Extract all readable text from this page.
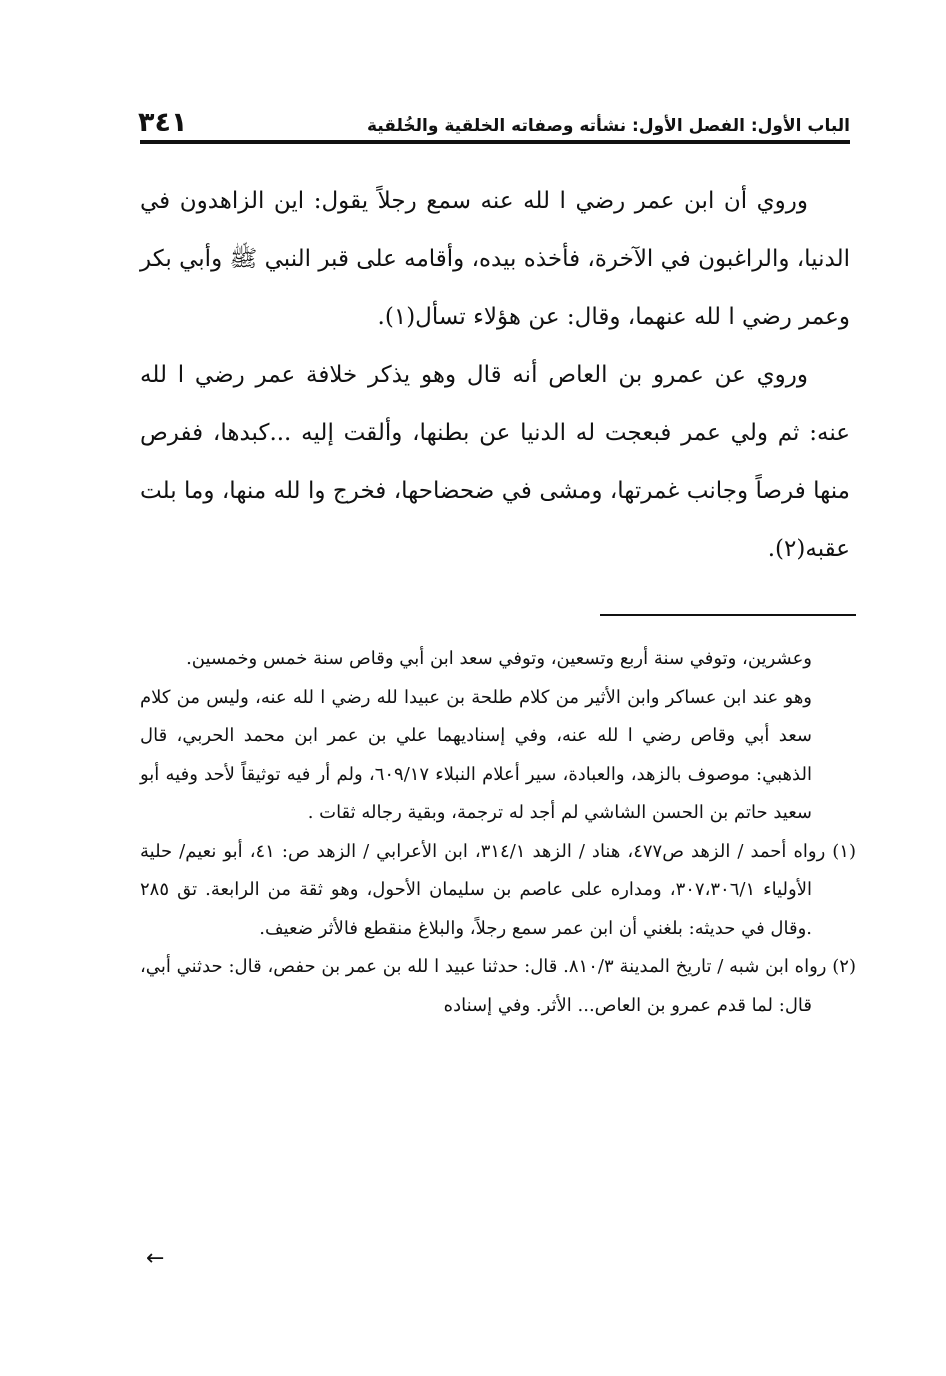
الباب الأول: الفصل الأول: نشأته وصفاته الخلقية والخُلقية
٣٤١

وروي أن ابن عمر رضي ا لله عنه سمع رجلاً يقول: اين الزاهدون في الدنيا، والراغبون في الآخرة، فأخذه بيده، وأقامه على قبر النبي ﷺ وأبي بكر وعمر رضي ا لله عنهما، وقال: عن هؤلاء تسأل(١).

وروي عن عمرو بن العاص أنه قال وهو يذكر خلافة عمر رضي ا لله عنه: ثم ولي عمر فبعجت له الدنيا عن بطنها، وألقت إليه ...كبدها، ففرص منها فرصاً وجانب غمرتها، ومشى في ضحضاحها، فخرج وا لله منها، وما بلت عقبه(٢).

وعشرين، وتوفي سنة أربع وتسعين، وتوفي سعد ابن أبي وقاص سنة خمس وخمسين.

وهو عند ابن عساكر وابن الأثير من كلام طلحة بن عبيدا لله رضي ا لله عنه، وليس من كلام سعد أبي وقاص رضي ا لله عنه، وفي إسناديهما علي بن عمر ابن محمد الحربي، قال الذهبي: موصوف بالزهد، والعبادة، سير أعلام النبلاء ٦٠٩/١٧، ولم أر فيه توثيقاً لأحد وفيه أبو سعيد حاتم بن الحسن الشاشي لم أجد له ترجمة، وبقية رجاله ثقات .

(١) رواه أحمد / الزهد ص٤٧٧، هناد / الزهد ٣١٤/١، ابن الأعرابي / الزهد ص: ٤١، أبو نعيم/ حلية الأولياء ٣٠٧،٣٠٦/١، ومداره على عاصم بن سليمان الأحول، وهو ثقة من الرابعة. تق ٢٨٥ .وقال في حديثه: بلغني أن ابن عمر سمع رجلاً، والبلاغ منقطع فالأثر ضعيف.

(٢) رواه ابن شبه / تاريخ المدينة ٨١٠/٣. قال: حدثنا عبيد ا لله بن عمر بن حفص، قال: حدثني أبي، قال: لما قدم عمرو بن العاص... الأثر. وفي إسناده

←
